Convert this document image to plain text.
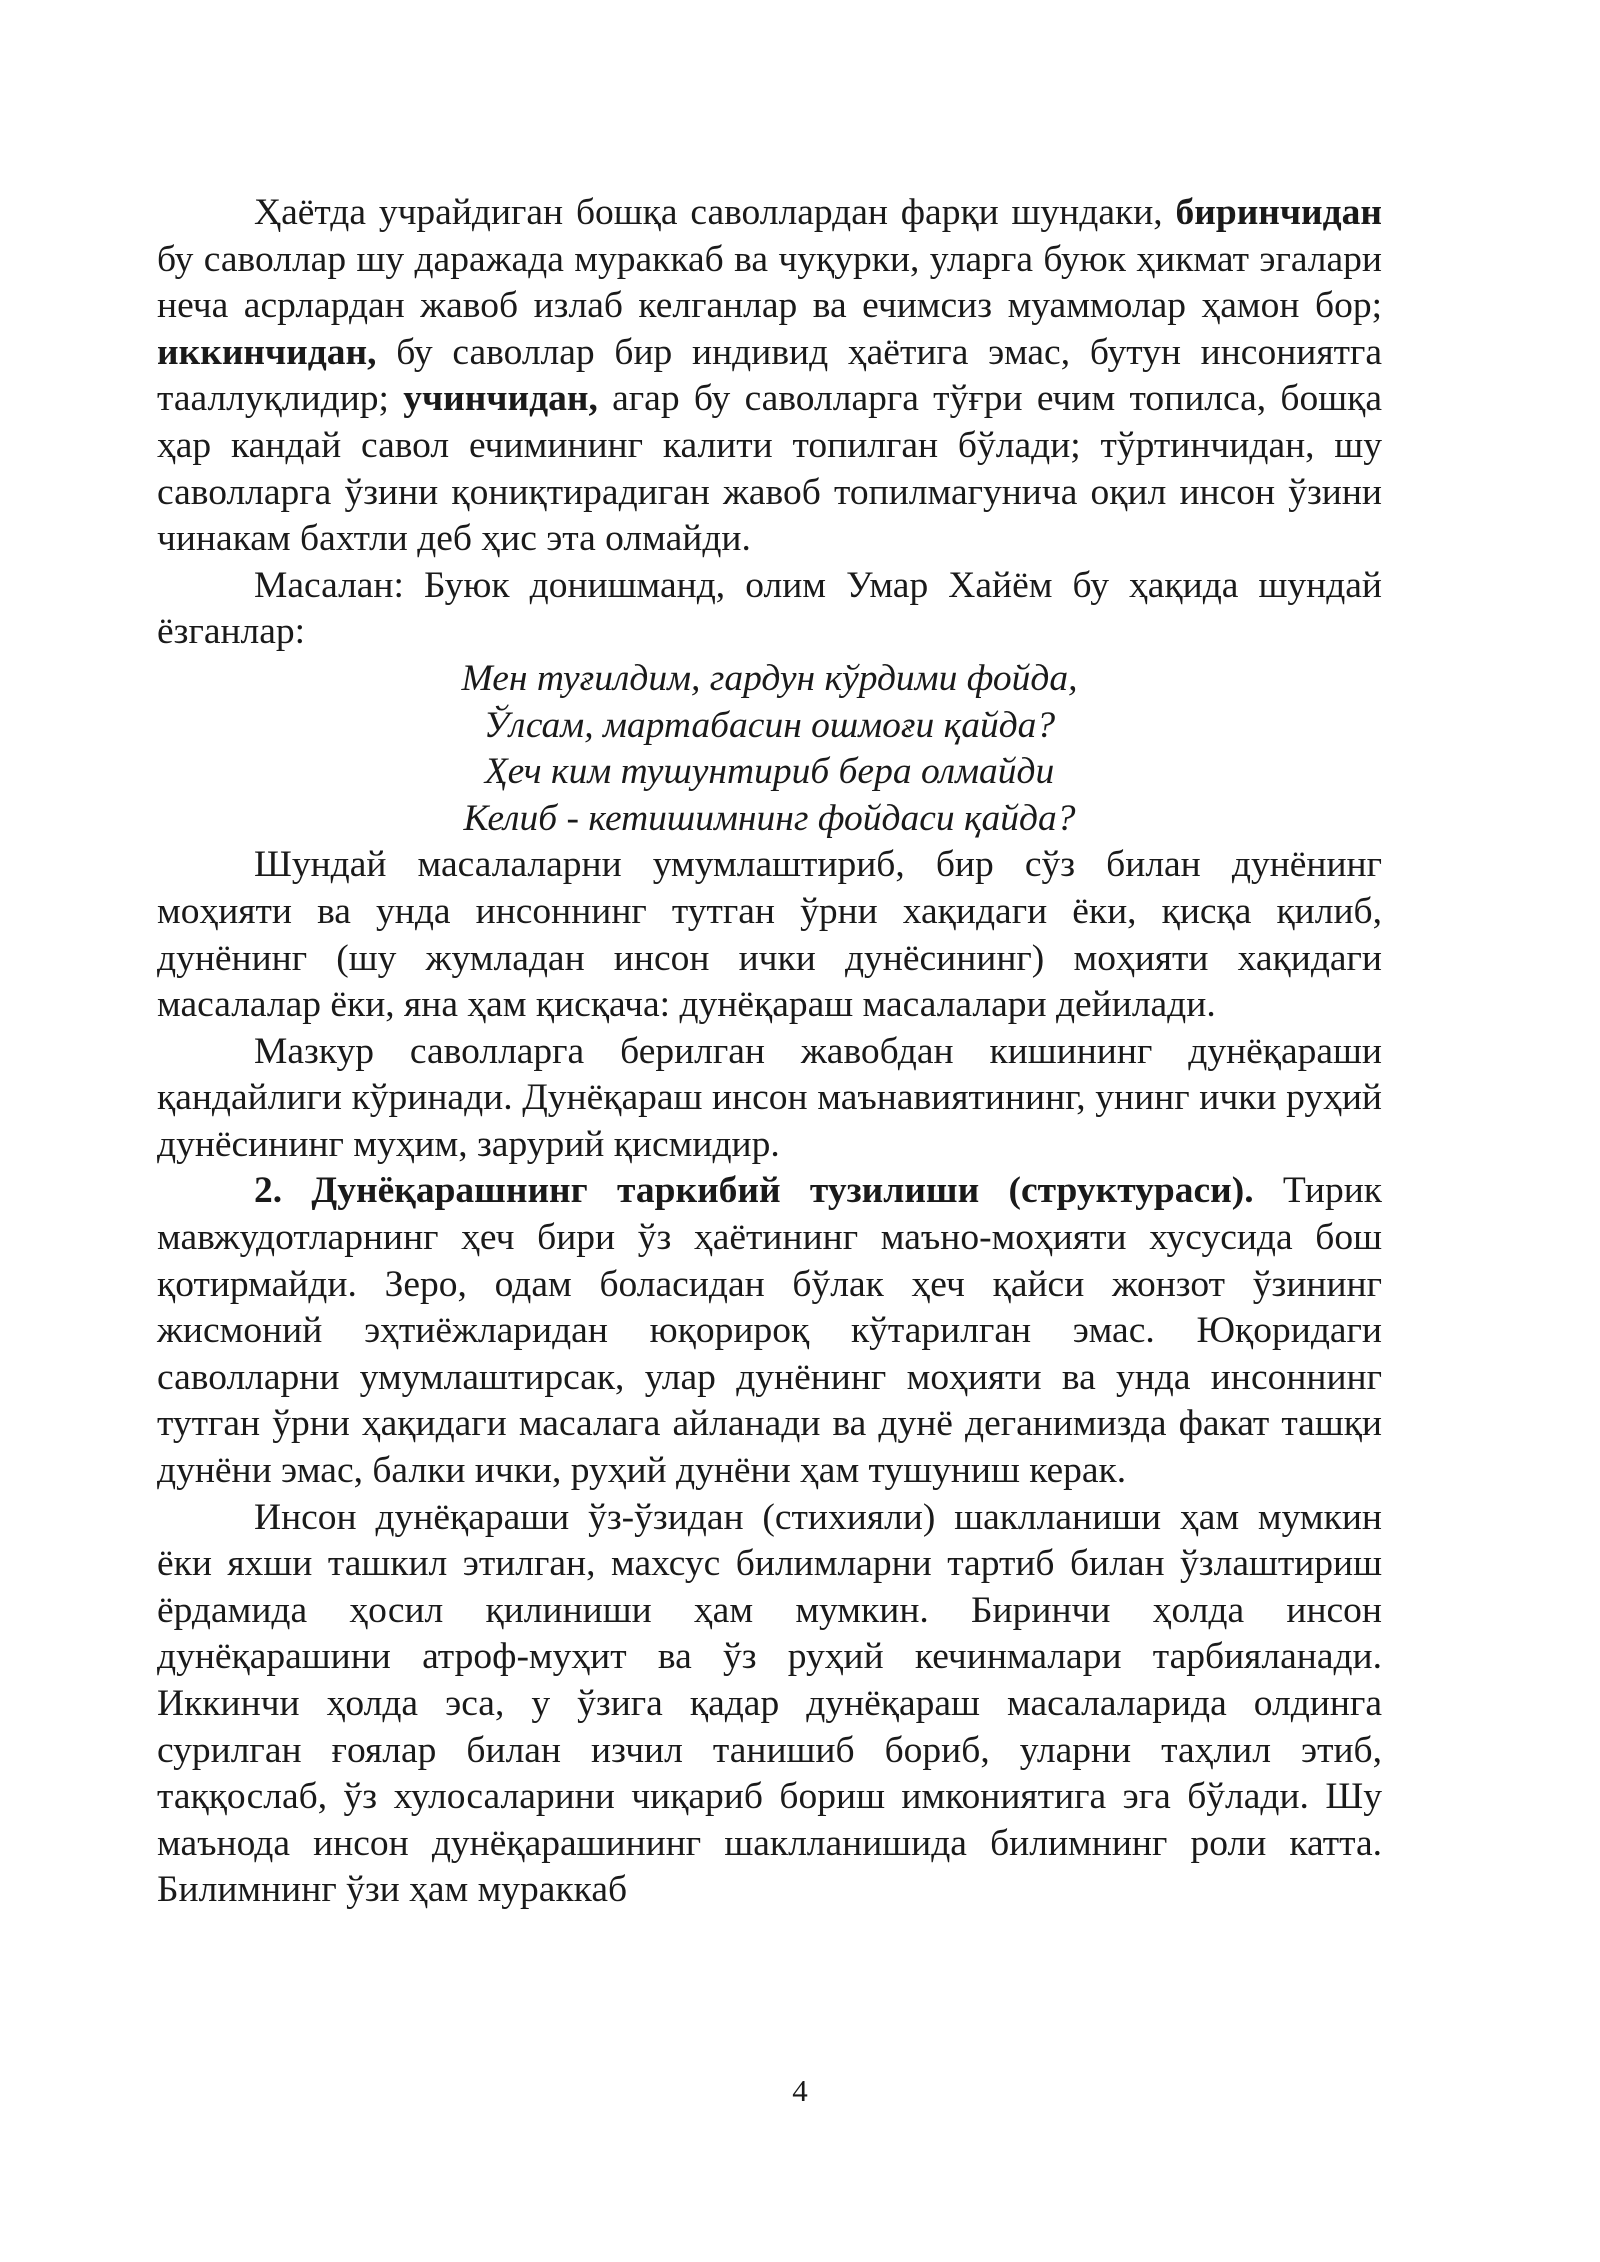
Ҳаётда учрайдиган бошқа саволлардан фарқи шундаки, биринчидан бу саволлар шу даражада мураккаб ва чуқурки, уларга буюк ҳикмат эгалари неча асрлардан жавоб излаб келганлар ва ечимсиз муаммолар ҳамон бор; иккинчидан, бу саволлар бир индивид ҳаётига эмас, бутун инсониятга тааллуқлидир; учинчидан, агар бу саволларга тўғри ечим топилса, бошқа ҳар кандай савол ечимининг калити топилган бўлади; тўртинчидан, шу саволларга ўзини қониқтирадиган жавоб топилмагунича оқил инсон ўзини чинакам бахтли деб ҳис эта олмайди.

Масалан: Буюк донишманд, олим Умар Хайём бу ҳақида шундай ёзганлар:

Мен туғилдим, гардун кўрдими фойда,
Ўлсам, мартабасин ошмоғи қайда?
Ҳеч ким тушунтириб бера олмайди
Келиб - кетишимнинг фойдаси қайда?

Шундай масалаларни умумлаштириб, бир сўз билан дунёнинг моҳияти ва унда инсоннинг тутган ўрни хақидаги ёки, қисқа қилиб, дунёнинг (шу жумладан инсон ички дунёсининг) моҳияти хақидаги масалалар ёки, яна ҳам қисқача: дунёқараш масалалари дейилади.

Мазкур саволларга берилган жавобдан кишининг дунёқараши қандайлиги кўринади. Дунёқараш инсон маънавиятининг, унинг ички руҳий дунёсининг муҳим, зарурий қисмидир.

2. Дунёқарашнинг таркибий тузилиши (структураси). Тирик мавжудотларнинг ҳеч бири ўз ҳаётининг маъно-моҳияти хусусида бош қотирмайди. Зеро, одам боласидан бўлак ҳеч қайси жонзот ўзининг жисмоний эҳтиёжларидан юқорироқ кўтарилган эмас. Юқоридаги саволларни умумлаштирсак, улар дунёнинг моҳияти ва унда инсоннинг тутган ўрни ҳақидаги масалага айланади ва дунё деганимизда факат ташқи дунёни эмас, балки ички, руҳий дунёни ҳам тушуниш керак.

Инсон дунёқараши ўз-ўзидан (стихияли) шаклланиши ҳам мумкин ёки яхши ташкил этилган, махсус билимларни тартиб билан ўзлаштириш ёрдамида ҳосил қилиниши ҳам мумкин. Биринчи ҳолда инсон дунёқарашини атроф-муҳит ва ўз руҳий кечинмалари тарбияланади. Иккинчи ҳолда эса, у ўзига қадар дунёқараш масалаларида олдинга сурилган ғоялар билан изчил танишиб бориб, уларни таҳлил этиб, таққослаб, ўз хулосаларини чиқариб бориш имкониятига эга бўлади. Шу маънода инсон дунёқарашининг шаклланишида билимнинг роли катта. Билимнинг ўзи ҳам мураккаб

4
